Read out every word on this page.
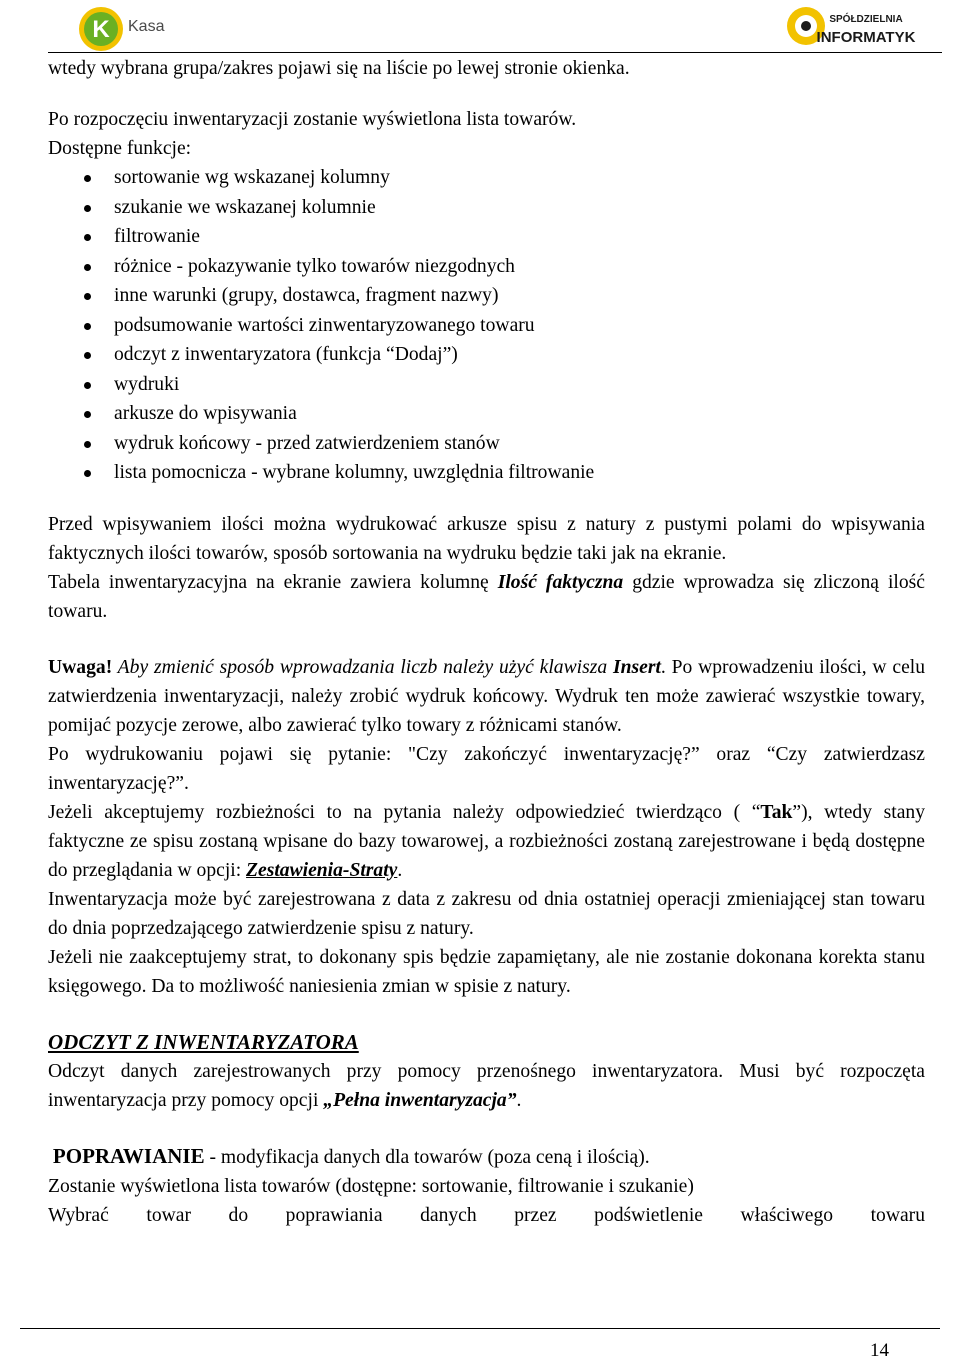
K Kasa	SPÓŁDZIELNIA
INFORMATYK

wtedy wybrana grupa/zakres pojawi się na liście po lewej stronie okienka.

Po rozpoczęciu inwentaryzacji zostanie wyświetlona lista towarów.

Dostępne funkcje:

sortowanie wg wskazanej kolumny
szukanie we wskazanej kolumnie
filtrowanie
różnice - pokazywanie tylko towarów niezgodnych
inne warunki (grupy, dostawca, fragment nazwy)
podsumowanie wartości zinwentaryzowanego towaru
odczyt z inwentaryzatora (funkcja “Dodaj”)
wydruki
arkusze do wpisywania
wydruk końcowy - przed zatwierdzeniem stanów
lista pomocnicza - wybrane kolumny, uwzględnia filtrowanie

Przed wpisywaniem ilości można wydrukować arkusze spisu z natury z pustymi polami do wpisywania faktycznych ilości towarów, sposób sortowania na wydruku będzie taki jak na ekranie.

Tabela inwentaryzacyjna na ekranie zawiera kolumnę Ilość faktyczna gdzie wprowadza się zliczoną ilość towaru.

Uwaga! Aby zmienić sposób wprowadzania liczb należy użyć klawisza Insert. Po wprowadzeniu ilości, w celu zatwierdzenia inwentaryzacji, należy zrobić wydruk końcowy. Wydruk ten może zawierać wszystkie towary, pomijać pozycje zerowe, albo zawierać tylko towary z różnicami stanów.

Po wydrukowaniu pojawi się pytanie: "Czy zakończyć inwentaryzację?” oraz “Czy zatwierdzasz inwentaryzację?”.

Jeżeli akceptujemy rozbieżności to na pytania należy odpowiedzieć twierdząco ( “Tak”), wtedy stany faktyczne ze spisu zostaną wpisane do bazy towarowej, a rozbieżności zostaną zarejestrowane i będą dostępne do przeglądania w opcji: Zestawienia-Straty.

Inwentaryzacja może być zarejestrowana z data z zakresu od dnia ostatniej operacji zmieniającej stan towaru do dnia poprzedzającego zatwierdzenie spisu z natury.

Jeżeli nie zaakceptujemy strat, to dokonany spis będzie zapamiętany, ale nie zostanie dokonana korekta stanu księgowego. Da to możliwość naniesienia zmian w spisie z natury.

ODCZYT Z INWENTARYZATORA

Odczyt danych zarejestrowanych przy pomocy przenośnego inwentaryzatora. Musi być rozpoczęta inwentaryzacja przy pomocy opcji „Pełna inwentaryzacja”.

POPRAWIANIE - modyfikacja danych dla towarów (poza ceną i ilością).

Zostanie wyświetlona lista towarów (dostępne: sortowanie, filtrowanie i szukanie)

Wybrać towar do poprawiania danych przez podświetlenie właściwego towaru

14
